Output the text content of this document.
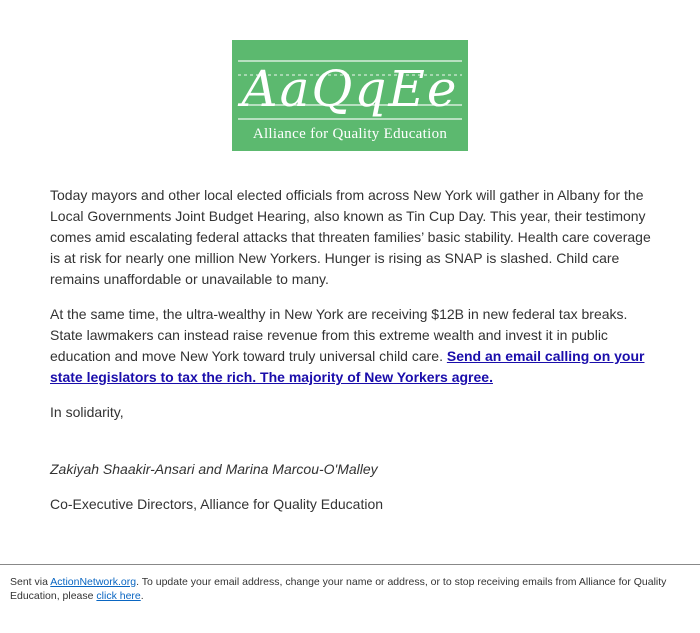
AaQqEe
Alliance for Quality Education

Today mayors and other local elected officials from across New York will gather in Albany for the Local Governments Joint Budget Hearing, also known as Tin Cup Day. This year, their testimony comes amid escalating federal attacks that threaten families’ basic stability. Health care coverage is at risk for nearly one million New Yorkers. Hunger is rising as SNAP is slashed. Child care remains unaffordable or unavailable to many.

At the same time, the ultra-wealthy in New York are receiving $12B in new federal tax breaks. State lawmakers can instead raise revenue from this extreme wealth and invest it in public education and move New York toward truly universal child care. Send an email calling on your state legislators to tax the rich. The majority of New Yorkers agree.

In solidarity,

Zakiyah Shaakir-Ansari and Marina Marcou-O'Malley

Co-Executive Directors, Alliance for Quality Education

Sent via ActionNetwork.org. To update your email address, change your name or address, or to stop receiving emails from Alliance for Quality Education, please click here.
